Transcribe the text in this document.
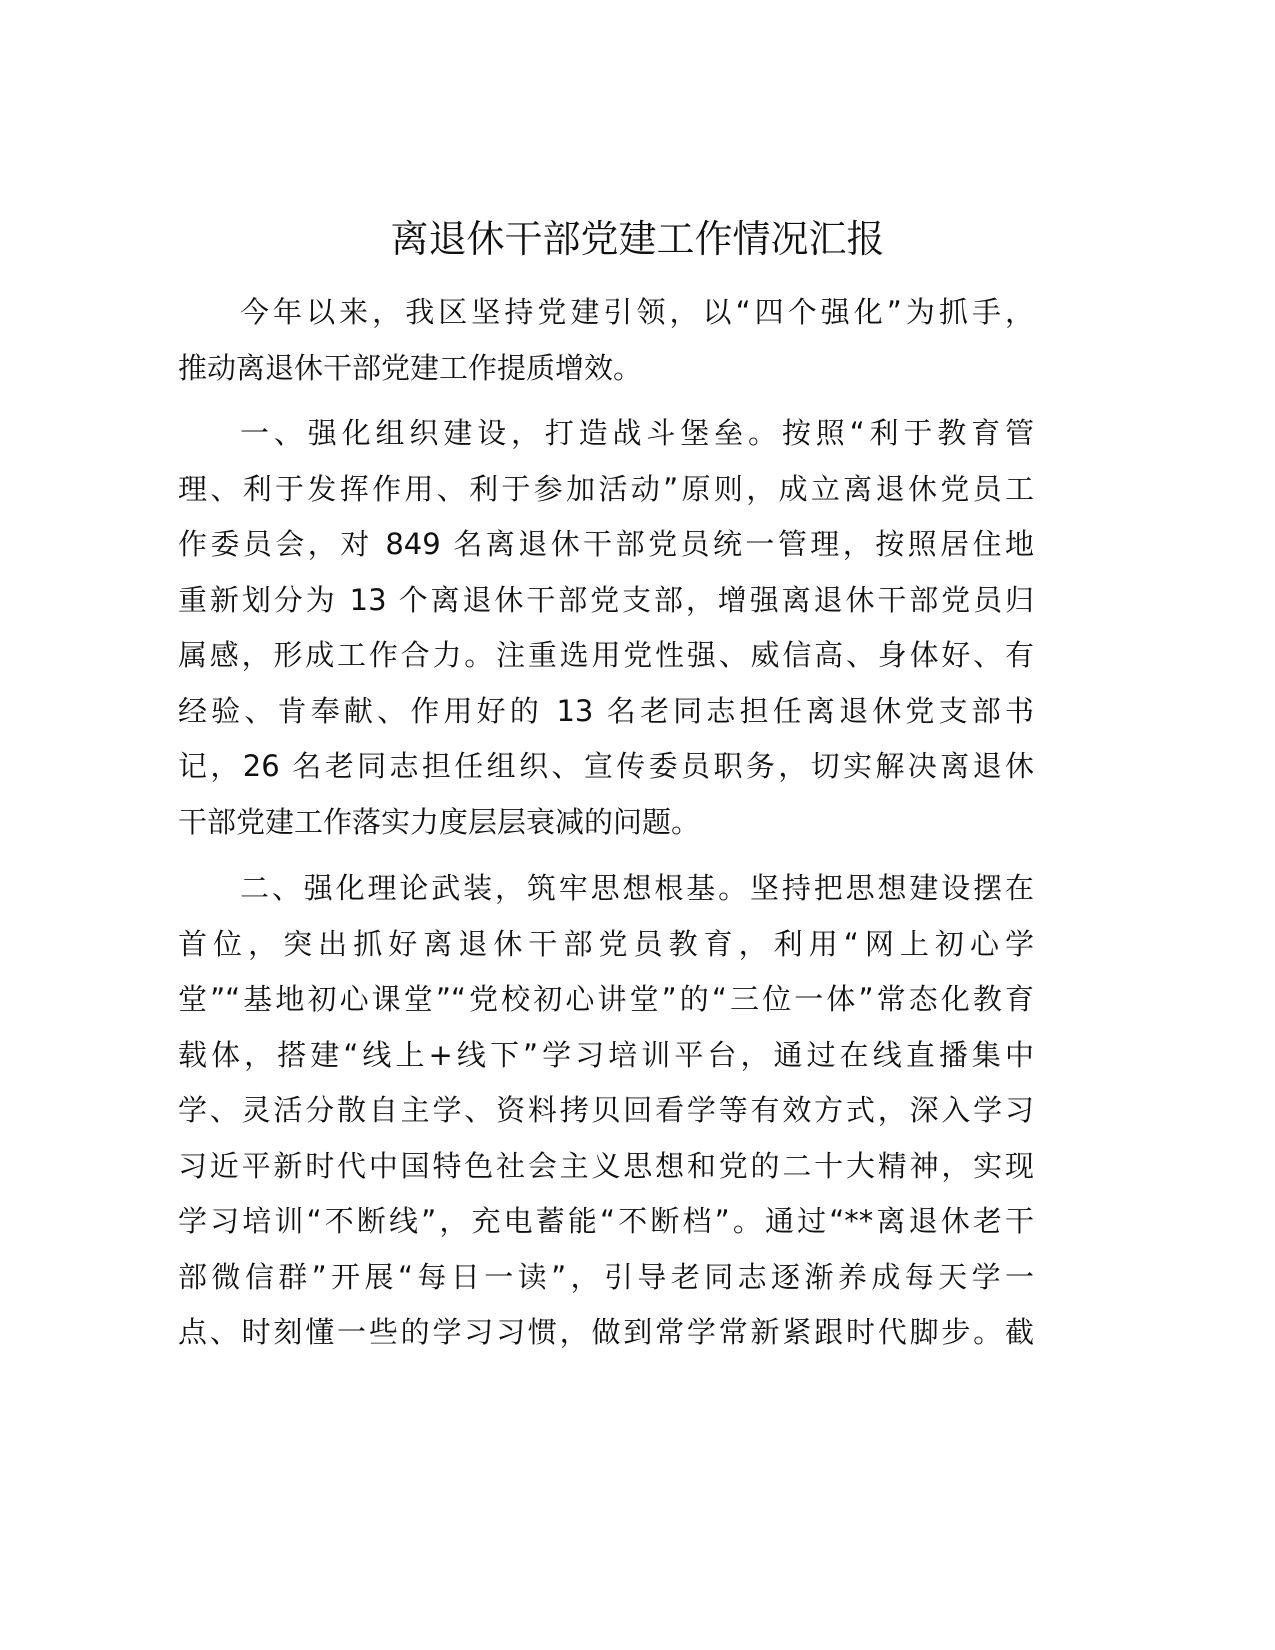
离退休干部党建工作情况汇报
今年以来，我区坚持党建引领，以“四个强化”为抓手，
推动离退休干部党建工作提质增效。
一、强化组织建设，打造战斗堡垒。按照“利于教育管
理、利于发挥作用、利于参加活动”原则，成立离退休党员工
作委员会，对 849 名离退休干部党员统一管理，按照居住地
重新划分为 13 个离退休干部党支部，增强离退休干部党员归
属感，形成工作合力。注重选用党性强、威信高、身体好、有
经验、肯奉献、作用好的 13 名老同志担任离退休党支部书
记，26 名老同志担任组织、宣传委员职务，切实解决离退休
干部党建工作落实力度层层衰减的问题。
二、强化理论武装，筑牢思想根基。坚持把思想建设摆在
首位，突出抓好离退休干部党员教育，利用“网上初心学
堂”“基地初心课堂”“党校初心讲堂”的“三位一体”常态化教育
载体，搭建“线上+线下”学习培训平台，通过在线直播集中
学、灵活分散自主学、资料拷贝回看学等有效方式，深入学习
习近平新时代中国特色社会主义思想和党的二十大精神，实现
学习培训“不断线”，充电蓄能“不断档”。通过“**离退休老干
部微信群”开展“每日一读”，引导老同志逐渐养成每天学一
点、时刻懂一些的学习习惯，做到常学常新紧跟时代脚步。截
